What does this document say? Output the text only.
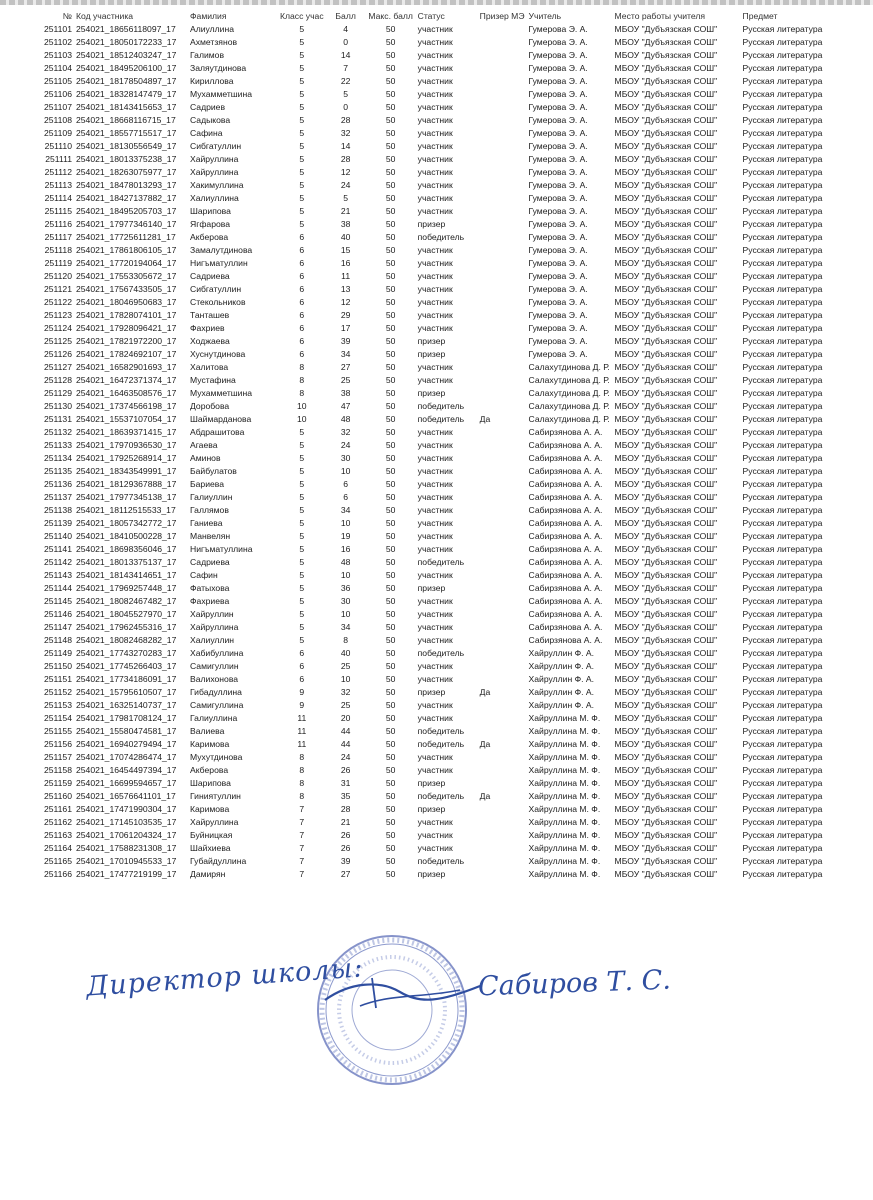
№	Код участника	Фамилия	Класс учас	Балл	Макс. балл	Статус	Призер МЭ	Учитель	Место работы учителя	Предмет
251101	254021_18656118097_17	Алиуллина	5	4	50	участник		Гумерова Э. А.	МБОУ "Дубъязская СОШ"	Русская литература
251102	254021_18050172233_17	Ахметзянов	5	0	50	участник		Гумерова Э. А.	МБОУ "Дубъязская СОШ"	Русская литература
251103	254021_18512403247_17	Галимов	5	14	50	участник		Гумерова Э. А.	МБОУ "Дубъязская СОШ"	Русская литература
251104	254021_18495206100_17	Заляутдинова	5	7	50	участник		Гумерова Э. А.	МБОУ "Дубъязская СОШ"	Русская литература
251105	254021_18178504897_17	Кириллова	5	22	50	участник		Гумерова Э. А.	МБОУ "Дубъязская СОШ"	Русская литература
251106	254021_18328147479_17	Мухамметшина	5	5	50	участник		Гумерова Э. А.	МБОУ "Дубъязская СОШ"	Русская литература
251107	254021_18143415653_17	Садриев	5	0	50	участник		Гумерова Э. А.	МБОУ "Дубъязская СОШ"	Русская литература
251108	254021_18668116715_17	Садыкова	5	28	50	участник		Гумерова Э. А.	МБОУ "Дубъязская СОШ"	Русская литература
251109	254021_18557715517_17	Сафина	5	32	50	участник		Гумерова Э. А.	МБОУ "Дубъязская СОШ"	Русская литература
251110	254021_18130556549_17	Сибгатуллин	5	14	50	участник		Гумерова Э. А.	МБОУ "Дубъязская СОШ"	Русская литература
251111	254021_18013375238_17	Хайруллина	5	28	50	участник		Гумерова Э. А.	МБОУ "Дубъязская СОШ"	Русская литература
251112	254021_18263075977_17	Хайруллина	5	12	50	участник		Гумерова Э. А.	МБОУ "Дубъязская СОШ"	Русская литература
251113	254021_18478013293_17	Хакимуллина	5	24	50	участник		Гумерова Э. А.	МБОУ "Дубъязская СОШ"	Русская литература
251114	254021_18427137882_17	Халиуллина	5	5	50	участник		Гумерова Э. А.	МБОУ "Дубъязская СОШ"	Русская литература
251115	254021_18495205703_17	Шарипова	5	21	50	участник		Гумерова Э. А.	МБОУ "Дубъязская СОШ"	Русская литература
251116	254021_17977346140_17	Ягфарова	5	38	50	призер		Гумерова Э. А.	МБОУ "Дубъязская СОШ"	Русская литература
251117	254021_17725611281_17	Акберова	6	40	50	победитель		Гумерова Э. А.	МБОУ "Дубъязская СОШ"	Русская литература
251118	254021_17861806105_17	Замалутдинова	6	15	50	участник		Гумерова Э. А.	МБОУ "Дубъязская СОШ"	Русская литература
251119	254021_17720194064_17	Нигъматуллин	6	16	50	участник		Гумерова Э. А.	МБОУ "Дубъязская СОШ"	Русская литература
251120	254021_17553305672_17	Садриева	6	11	50	участник		Гумерова Э. А.	МБОУ "Дубъязская СОШ"	Русская литература
251121	254021_17567433505_17	Сибгатуллин	6	13	50	участник		Гумерова Э. А.	МБОУ "Дубъязская СОШ"	Русская литература
251122	254021_18046950683_17	Стекольников	6	12	50	участник		Гумерова Э. А.	МБОУ "Дубъязская СОШ"	Русская литература
251123	254021_17828074101_17	Танташев	6	29	50	участник		Гумерова Э. А.	МБОУ "Дубъязская СОШ"	Русская литература
251124	254021_17928096421_17	Фахриев	6	17	50	участник		Гумерова Э. А.	МБОУ "Дубъязская СОШ"	Русская литература
251125	254021_17821972200_17	Ходжаева	6	39	50	призер		Гумерова Э. А.	МБОУ "Дубъязская СОШ"	Русская литература
251126	254021_17824692107_17	Хуснутдинова	6	34	50	призер		Гумерова Э. А.	МБОУ "Дубъязская СОШ"	Русская литература
251127	254021_16582901693_17	Халитова	8	27	50	участник		Салахутдинова Д. Р.	МБОУ "Дубъязская СОШ"	Русская литература
251128	254021_16472371374_17	Мустафина	8	25	50	участник		Салахутдинова Д. Р.	МБОУ "Дубъязская СОШ"	Русская литература
251129	254021_16463508576_17	Мухамметшина	8	38	50	призер		Салахутдинова Д. Р.	МБОУ "Дубъязская СОШ"	Русская литература
251130	254021_17374566198_17	Доробова	10	47	50	победитель		Салахутдинова Д. Р.	МБОУ "Дубъязская СОШ"	Русская литература
251131	254021_15537107054_17	Шаймарданова	10	48	50	победитель	Да	Салахутдинова Д. Р.	МБОУ "Дубъязская СОШ"	Русская литература
251132	254021_18639371415_17	Абдрашитова	5	32	50	участник		Сабирзянова А. А.	МБОУ "Дубъязская СОШ"	Русская литература
251133	254021_17970936530_17	Агаева	5	24	50	участник		Сабирзянова А. А.	МБОУ "Дубъязская СОШ"	Русская литература
251134	254021_17925268914_17	Аминов	5	30	50	участник		Сабирзянова А. А.	МБОУ "Дубъязская СОШ"	Русская литература
251135	254021_18343549991_17	Байбулатов	5	10	50	участник		Сабирзянова А. А.	МБОУ "Дубъязская СОШ"	Русская литература
251136	254021_18129367888_17	Бариева	5	6	50	участник		Сабирзянова А. А.	МБОУ "Дубъязская СОШ"	Русская литература
251137	254021_17977345138_17	Галиуллин	5	6	50	участник		Сабирзянова А. А.	МБОУ "Дубъязская СОШ"	Русская литература
251138	254021_18112515533_17	Галлямов	5	34	50	участник		Сабирзянова А. А.	МБОУ "Дубъязская СОШ"	Русская литература
251139	254021_18057342772_17	Ганиева	5	10	50	участник		Сабирзянова А. А.	МБОУ "Дубъязская СОШ"	Русская литература
251140	254021_18410500228_17	Манвелян	5	19	50	участник		Сабирзянова А. А.	МБОУ "Дубъязская СОШ"	Русская литература
251141	254021_18698356046_17	Нигъматуллина	5	16	50	участник		Сабирзянова А. А.	МБОУ "Дубъязская СОШ"	Русская литература
251142	254021_18013375137_17	Садриева	5	48	50	победитель		Сабирзянова А. А.	МБОУ "Дубъязская СОШ"	Русская литература
251143	254021_18143414651_17	Сафин	5	10	50	участник		Сабирзянова А. А.	МБОУ "Дубъязская СОШ"	Русская литература
251144	254021_17969257448_17	Фатыхова	5	36	50	призер		Сабирзянова А. А.	МБОУ "Дубъязская СОШ"	Русская литература
251145	254021_18082467482_17	Фахриева	5	30	50	участник		Сабирзянова А. А.	МБОУ "Дубъязская СОШ"	Русская литература
251146	254021_18045527970_17	Хайруллин	5	10	50	участник		Сабирзянова А. А.	МБОУ "Дубъязская СОШ"	Русская литература
251147	254021_17962455316_17	Хайруллина	5	34	50	участник		Сабирзянова А. А.	МБОУ "Дубъязская СОШ"	Русская литература
251148	254021_18082468282_17	Халиуллин	5	8	50	участник		Сабирзянова А. А.	МБОУ "Дубъязская СОШ"	Русская литература
251149	254021_17743270283_17	Хабибуллина	6	40	50	победитель		Хайруллин Ф. А.	МБОУ "Дубъязская СОШ"	Русская литература
251150	254021_17745266403_17	Самигуллин	6	25	50	участник		Хайруллин Ф. А.	МБОУ "Дубъязская СОШ"	Русская литература
251151	254021_17734186091_17	Валихонова	6	10	50	участник		Хайруллин Ф. А.	МБОУ "Дубъязская СОШ"	Русская литература
251152	254021_15795610507_17	Гибадуллина	9	32	50	призер	Да	Хайруллин Ф. А.	МБОУ "Дубъязская СОШ"	Русская литература
251153	254021_16325140737_17	Самигуллина	9	25	50	участник		Хайруллин Ф. А.	МБОУ "Дубъязская СОШ"	Русская литература
251154	254021_17981708124_17	Галиуллина	11	20	50	участник		Хайруллина М. Ф.	МБОУ "Дубъязская СОШ"	Русская литература
251155	254021_15580474581_17	Валиева	11	44	50	победитель		Хайруллина М. Ф.	МБОУ "Дубъязская СОШ"	Русская литература
251156	254021_16940279494_17	Каримова	11	44	50	победитель	Да	Хайруллина М. Ф.	МБОУ "Дубъязская СОШ"	Русская литература
251157	254021_17074286474_17	Мухутдинова	8	24	50	участник		Хайруллина М. Ф.	МБОУ "Дубъязская СОШ"	Русская литература
251158	254021_16454497394_17	Акберова	8	26	50	участник		Хайруллина М. Ф.	МБОУ "Дубъязская СОШ"	Русская литература
251159	254021_16699594657_17	Шарипова	8	31	50	призер		Хайруллина М. Ф.	МБОУ "Дубъязская СОШ"	Русская литература
251160	254021_16576641101_17	Гиниятуллин	8	35	50	победитель	Да	Хайруллина М. Ф.	МБОУ "Дубъязская СОШ"	Русская литература
251161	254021_17471990304_17	Каримова	7	28	50	призер		Хайруллина М. Ф.	МБОУ "Дубъязская СОШ"	Русская литература
251162	254021_17145103535_17	Хайруллина	7	21	50	участник		Хайруллина М. Ф.	МБОУ "Дубъязская СОШ"	Русская литература
251163	254021_17061204324_17	Буйницкая	7	26	50	участник		Хайруллина М. Ф.	МБОУ "Дубъязская СОШ"	Русская литература
251164	254021_17588231308_17	Шайхиева	7	26	50	участник		Хайруллина М. Ф.	МБОУ "Дубъязская СОШ"	Русская литература
251165	254021_17010945533_17	Губайдуллина	7	39	50	победитель		Хайруллина М. Ф.	МБОУ "Дубъязская СОШ"	Русская литература
251166	254021_17477219199_17	Дамирян	7	27	50	призер		Хайруллина М. Ф.	МБОУ "Дубъязская СОШ"	Русская литература
Директор школы:	Сабиров Т. С.
